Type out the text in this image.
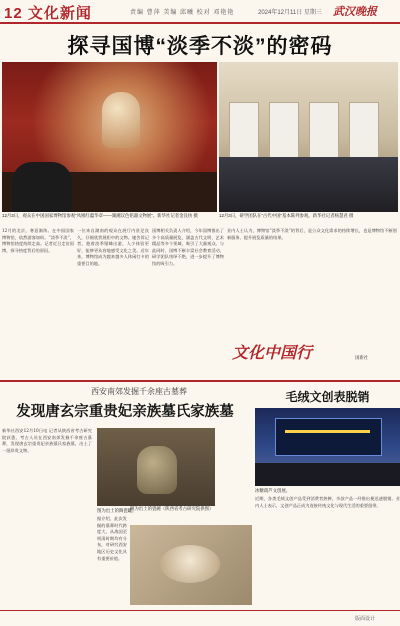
12 文化新闻	责编 曹萍 美编 邱曦 校对 邓艳艳	2024年12月11日 星期三 武汉晚报
探寻国博“淡季不淡”的密码
12月3日，观众在中国国家博物馆参观“凤凰红蕴华章——湖湘汉色铭器文物展”。新华社记者金良快 摄	12月3日，研学团队在“古代中国”基本陈列参观。新华社记者杨慧君 摄
12月的北京，寒意渐浓。在中国国家博物馆，依然游客如织。“淡季不淡”，博物馆热度持续走高。记者近日走访国博，探寻热度背后的原因。
一位来自湖南的观众在展厅内驻足良久，仔细欣赏展柜中的文物。她告诉记者，趁着淡季错峰出游，人少体验更好，能够更从容地感受文化之美。近年来，博物馆成为越来越多人休闲打卡的重要目的地。
国博相关负责人介绍，今年国博推出了多个高质量展览，涵盖古代文明、艺术精品等多个领域，吸引了大量观众。与此同时，国博不断丰富社会教育活动，研学团队络绎不绝，进一步提升了博物馆的吸引力。
业内人士认为，博物馆“淡季不淡”的背后，是公众文化需求的持续增长，也是博物馆不断创新服务、提升展览质量的结果。
文化中国行	国新社
西安南郊发掘千余座古墓葬
发现唐玄宗重贵妃亲族墓氏家族墓
新华社西安12月10日电 记者从陕西省考古研究院获悉，考古人员在西安南郊发掘千余座古墓葬，发现唐玄宗重贵妃亲族墓氏家族墓，出土了一批珍贵文物。
图为出土的陶瓷罐。
据介绍，此次发掘的墓葬时代跨度大，从战国至明清时期均有分布，对研究西安地区历史文化具有重要价值。
图为出土的瓷碗（陕西省考古研究院供图）
毛绒文创表脱销
冰糖葫芦文创展。
近期，各类毛绒文创产品受到消费者热捧，多款产品一经推出便迅速脱销。业内人士表示，文创产品正成为连接传统文化与现代生活的重要纽带。
版面设计
